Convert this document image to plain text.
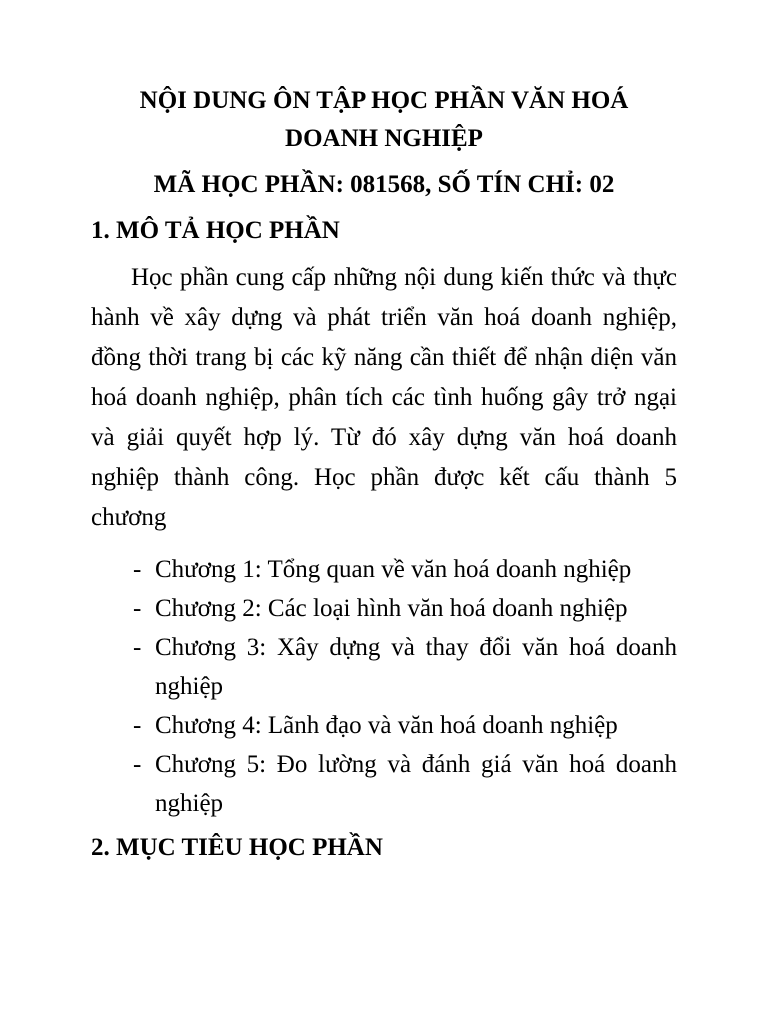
NỘI DUNG ÔN TẬP HỌC PHẦN VĂN HOÁ DOANH NGHIỆP
MÃ HỌC PHẦN: 081568, SỐ TÍN CHỈ: 02
1. MÔ TẢ HỌC PHẦN

Học phần cung cấp những nội dung kiến thức và thực hành về xây dựng và phát triển văn hoá doanh nghiệp, đồng thời trang bị các kỹ năng cần thiết để nhận diện văn hoá doanh nghiệp, phân tích các tình huống gây trở ngại và giải quyết hợp lý. Từ đó xây dựng văn hoá doanh nghiệp thành công. Học phần được kết cấu thành 5 chương

- Chương 1: Tổng quan về văn hoá doanh nghiệp
- Chương 2: Các loại hình văn hoá doanh nghiệp
- Chương 3: Xây dựng và thay đổi văn hoá doanh nghiệp
- Chương 4: Lãnh đạo và văn hoá doanh nghiệp
- Chương 5: Đo lường và đánh giá văn hoá doanh nghiệp
2. MỤC TIÊU HỌC PHẦN
